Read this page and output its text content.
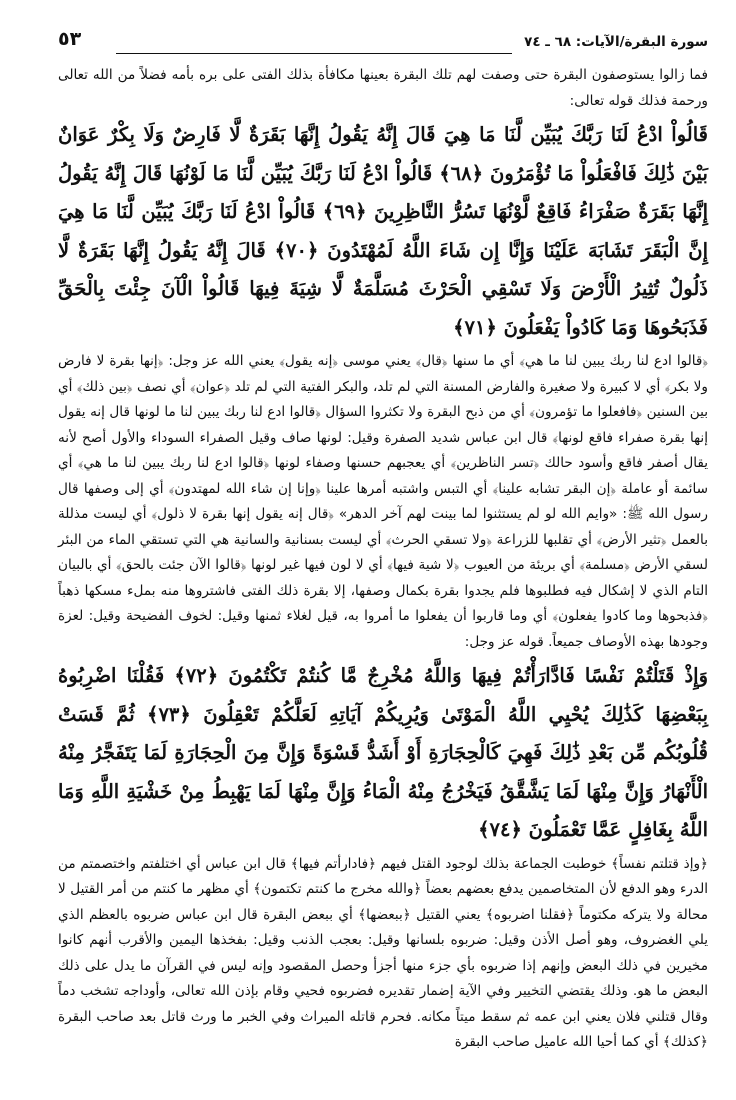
سورة البقرة/الآيات: ٦٨ ـ ٧٤
٥٣

فما زالوا يستوصفون البقرة حتى وصفت لهم تلك البقرة بعينها مكافأة بذلك الفتى على بره بأمه فضلاً من الله تعالى ورحمة فذلك قوله تعالى:

قَالُواْ ادْعُ لَنَا رَبَّكَ يُبَيِّن لَّنَا مَا هِيَ قَالَ إِنَّهُ يَقُولُ إِنَّهَا بَقَرَةٌ لَّا فَارِضٌ وَلَا بِكْرٌ عَوَانٌ بَيْنَ ذَٰلِكَ فَافْعَلُواْ مَا تُؤْمَرُونَ ﴿٦٨﴾ قَالُواْ ادْعُ لَنَا رَبَّكَ يُبَيِّن لَّنَا مَا لَوْنُهَا قَالَ إِنَّهُ يَقُولُ إِنَّهَا بَقَرَةٌ صَفْرَاءُ فَاقِعٌ لَّوْنُهَا تَسُرُّ النَّاظِرِينَ ﴿٦٩﴾ قَالُواْ ادْعُ لَنَا رَبَّكَ يُبَيِّن لَّنَا مَا هِيَ إِنَّ الْبَقَرَ تَشَابَهَ عَلَيْنَا وَإِنَّا إِن شَاءَ اللَّهُ لَمُهْتَدُونَ ﴿٧٠﴾ قَالَ إِنَّهُ يَقُولُ إِنَّهَا بَقَرَةٌ لَّا ذَلُولٌ تُثِيرُ الْأَرْضَ وَلَا تَسْقِي الْحَرْثَ مُسَلَّمَةٌ لَّا شِيَةَ فِيهَا قَالُواْ الْآنَ جِئْتَ بِالْحَقِّ فَذَبَحُوهَا وَمَا كَادُواْ يَفْعَلُونَ ﴿٧١﴾

﴿قالوا ادع لنا ربك يبين لنا ما هي﴾ أي ما سنها ﴿قال﴾ يعني موسى ﴿إنه يقول﴾ يعني الله عز وجل: ﴿إنها بقرة لا فارض ولا بكر﴾ أي لا كبيرة ولا صغيرة والفارض المسنة التي لم تلد، والبكر الفتية التي لم تلد ﴿عوان﴾ أي نصف ﴿بين ذلك﴾ أي بين السنين ﴿فافعلوا ما تؤمرون﴾ أي من ذبح البقرة ولا تكثروا السؤال ﴿قالوا ادع لنا ربك يبين لنا ما لونها قال إنه يقول إنها بقرة صفراء فاقع لونها﴾ قال ابن عباس شديد الصفرة وقيل: لونها صاف وقيل الصفراء السوداء والأول أصح لأنه يقال أصفر فاقع وأسود حالك ﴿تسر الناظرين﴾ أي يعجبهم حسنها وصفاء لونها ﴿قالوا ادع لنا ربك يبين لنا ما هي﴾ أي سائمة أو عاملة ﴿إن البقر تشابه علينا﴾ أي التبس واشتبه أمرها علينا ﴿وإنا إن شاء الله لمهتدون﴾ أي إلى وصفها قال رسول الله ﷺ: «وايم الله لو لم يستثنوا لما بينت لهم آخر الدهر» ﴿قال إنه يقول إنها بقرة لا ذلول﴾ أي ليست مذللة بالعمل ﴿تثير الأرض﴾ أي تقلبها للزراعة ﴿ولا تسقي الحرث﴾ أي ليست بسنانية والسانية هي التي تستقي الماء من البئر لسقي الأرض ﴿مسلمة﴾ أي بريئة من العيوب ﴿لا شية فيها﴾ أي لا لون فيها غير لونها ﴿قالوا الآن جئت بالحق﴾ أي بالبيان التام الذي لا إشكال فيه فطلبوها فلم يجدوا بقرة بكمال وصفها، إلا بقرة ذلك الفتى فاشتروها منه بملء مسكها ذهباً ﴿فذبحوها وما كادوا يفعلون﴾ أي وما قاربوا أن يفعلوا ما أمروا به، قيل لغلاء ثمنها وقيل: لخوف الفضيحة وقيل: لعزة وجودها بهذه الأوصاف جميعاً. قوله عز وجل:

وَإِذْ قَتَلْتُمْ نَفْسًا فَادَّارَأْتُمْ فِيهَا وَاللَّهُ مُخْرِجٌ مَّا كُنتُمْ تَكْتُمُونَ ﴿٧٢﴾ فَقُلْنَا اضْرِبُوهُ بِبَعْضِهَا كَذَٰلِكَ يُحْيِي اللَّهُ الْمَوْتَىٰ وَيُرِيكُمْ آيَاتِهِ لَعَلَّكُمْ تَعْقِلُونَ ﴿٧٣﴾ ثُمَّ قَسَتْ قُلُوبُكُم مِّن بَعْدِ ذَٰلِكَ فَهِيَ كَالْحِجَارَةِ أَوْ أَشَدُّ قَسْوَةً وَإِنَّ مِنَ الْحِجَارَةِ لَمَا يَتَفَجَّرُ مِنْهُ الْأَنْهَارُ وَإِنَّ مِنْهَا لَمَا يَشَّقَّقُ فَيَخْرُجُ مِنْهُ الْمَاءُ وَإِنَّ مِنْهَا لَمَا يَهْبِطُ مِنْ خَشْيَةِ اللَّهِ وَمَا اللَّهُ بِغَافِلٍ عَمَّا تَعْمَلُونَ ﴿٧٤﴾

﴿وإذ قتلتم نفساً﴾ خوطبت الجماعة بذلك لوجود القتل فيهم ﴿فادارأتم فيها﴾ قال ابن عباس أي اختلفتم واختصمتم من الدرء وهو الدفع لأن المتخاصمين يدفع بعضهم بعضاً ﴿والله مخرج ما كنتم تكتمون﴾ أي مظهر ما كنتم من أمر القتيل لا محالة ولا يتركه مكتوماً ﴿فقلنا اضربوه﴾ يعني القتيل ﴿ببعضها﴾ أي ببعض البقرة قال ابن عباس ضربوه بالعظم الذي يلي الغضروف، وهو أصل الأذن وقيل: ضربوه بلسانها وقيل: بعجب الذنب وقيل: بفخذها اليمين والأقرب أنهم كانوا مخيرين في ذلك البعض وإنهم إذا ضربوه بأي جزء منها أجزأ وحصل المقصود وإنه ليس في القرآن ما يدل على ذلك البعض ما هو. وذلك يقتضي التخيير وفي الآية إضمار تقديره فضربوه فحيي وقام بإذن الله تعالى، وأوداجه تشخب دماً وقال قتلني فلان يعني ابن عمه ثم سقط ميتاً مكانه. فحرم قاتله الميراث وفي الخبر ما ورث قاتل بعد صاحب البقرة ﴿كذلك﴾ أي كما أحيا الله عاميل صاحب البقرة
